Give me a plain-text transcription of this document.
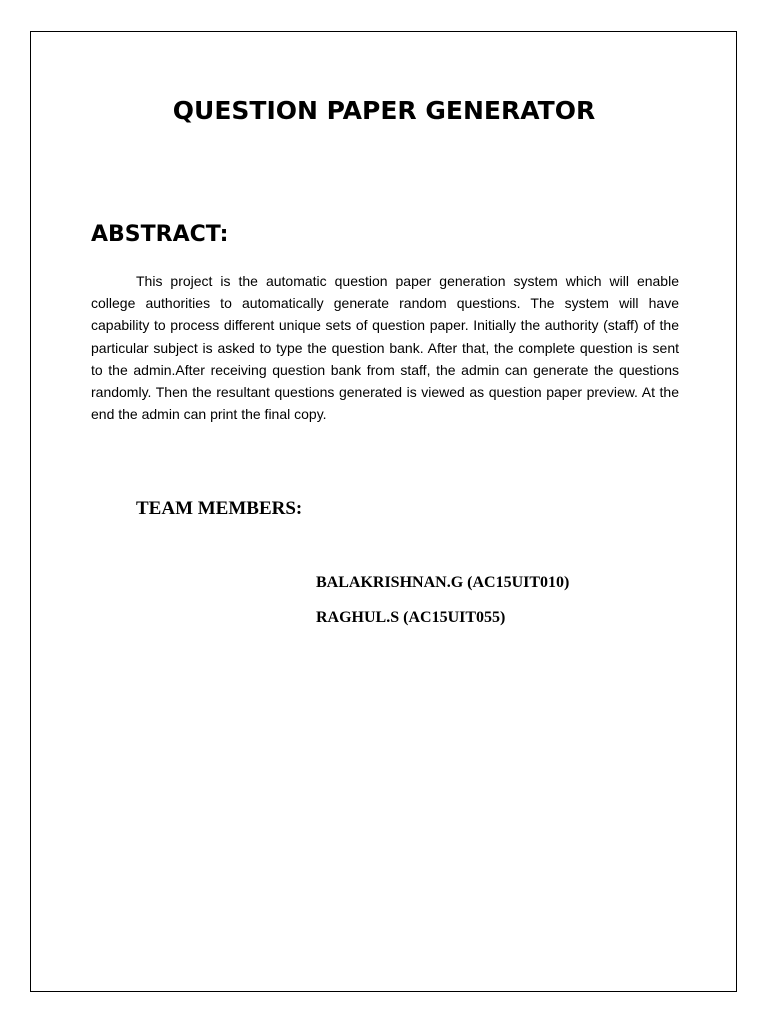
QUESTION PAPER GENERATOR
ABSTRACT:

This project is the automatic question paper generation system which will enable college authorities to automatically generate random questions. The system will have capability to process different unique sets of question paper. Initially the authority (staff) of the particular subject is asked to type the question bank. After that, the complete question is sent to the admin.After receiving question bank from staff, the admin can generate the questions randomly. Then the resultant questions generated is viewed as question paper preview. At the end the admin can print the final copy.

TEAM MEMBERS:

BALAKRISHNAN.G (AC15UIT010)

RAGHUL.S (AC15UIT055)
